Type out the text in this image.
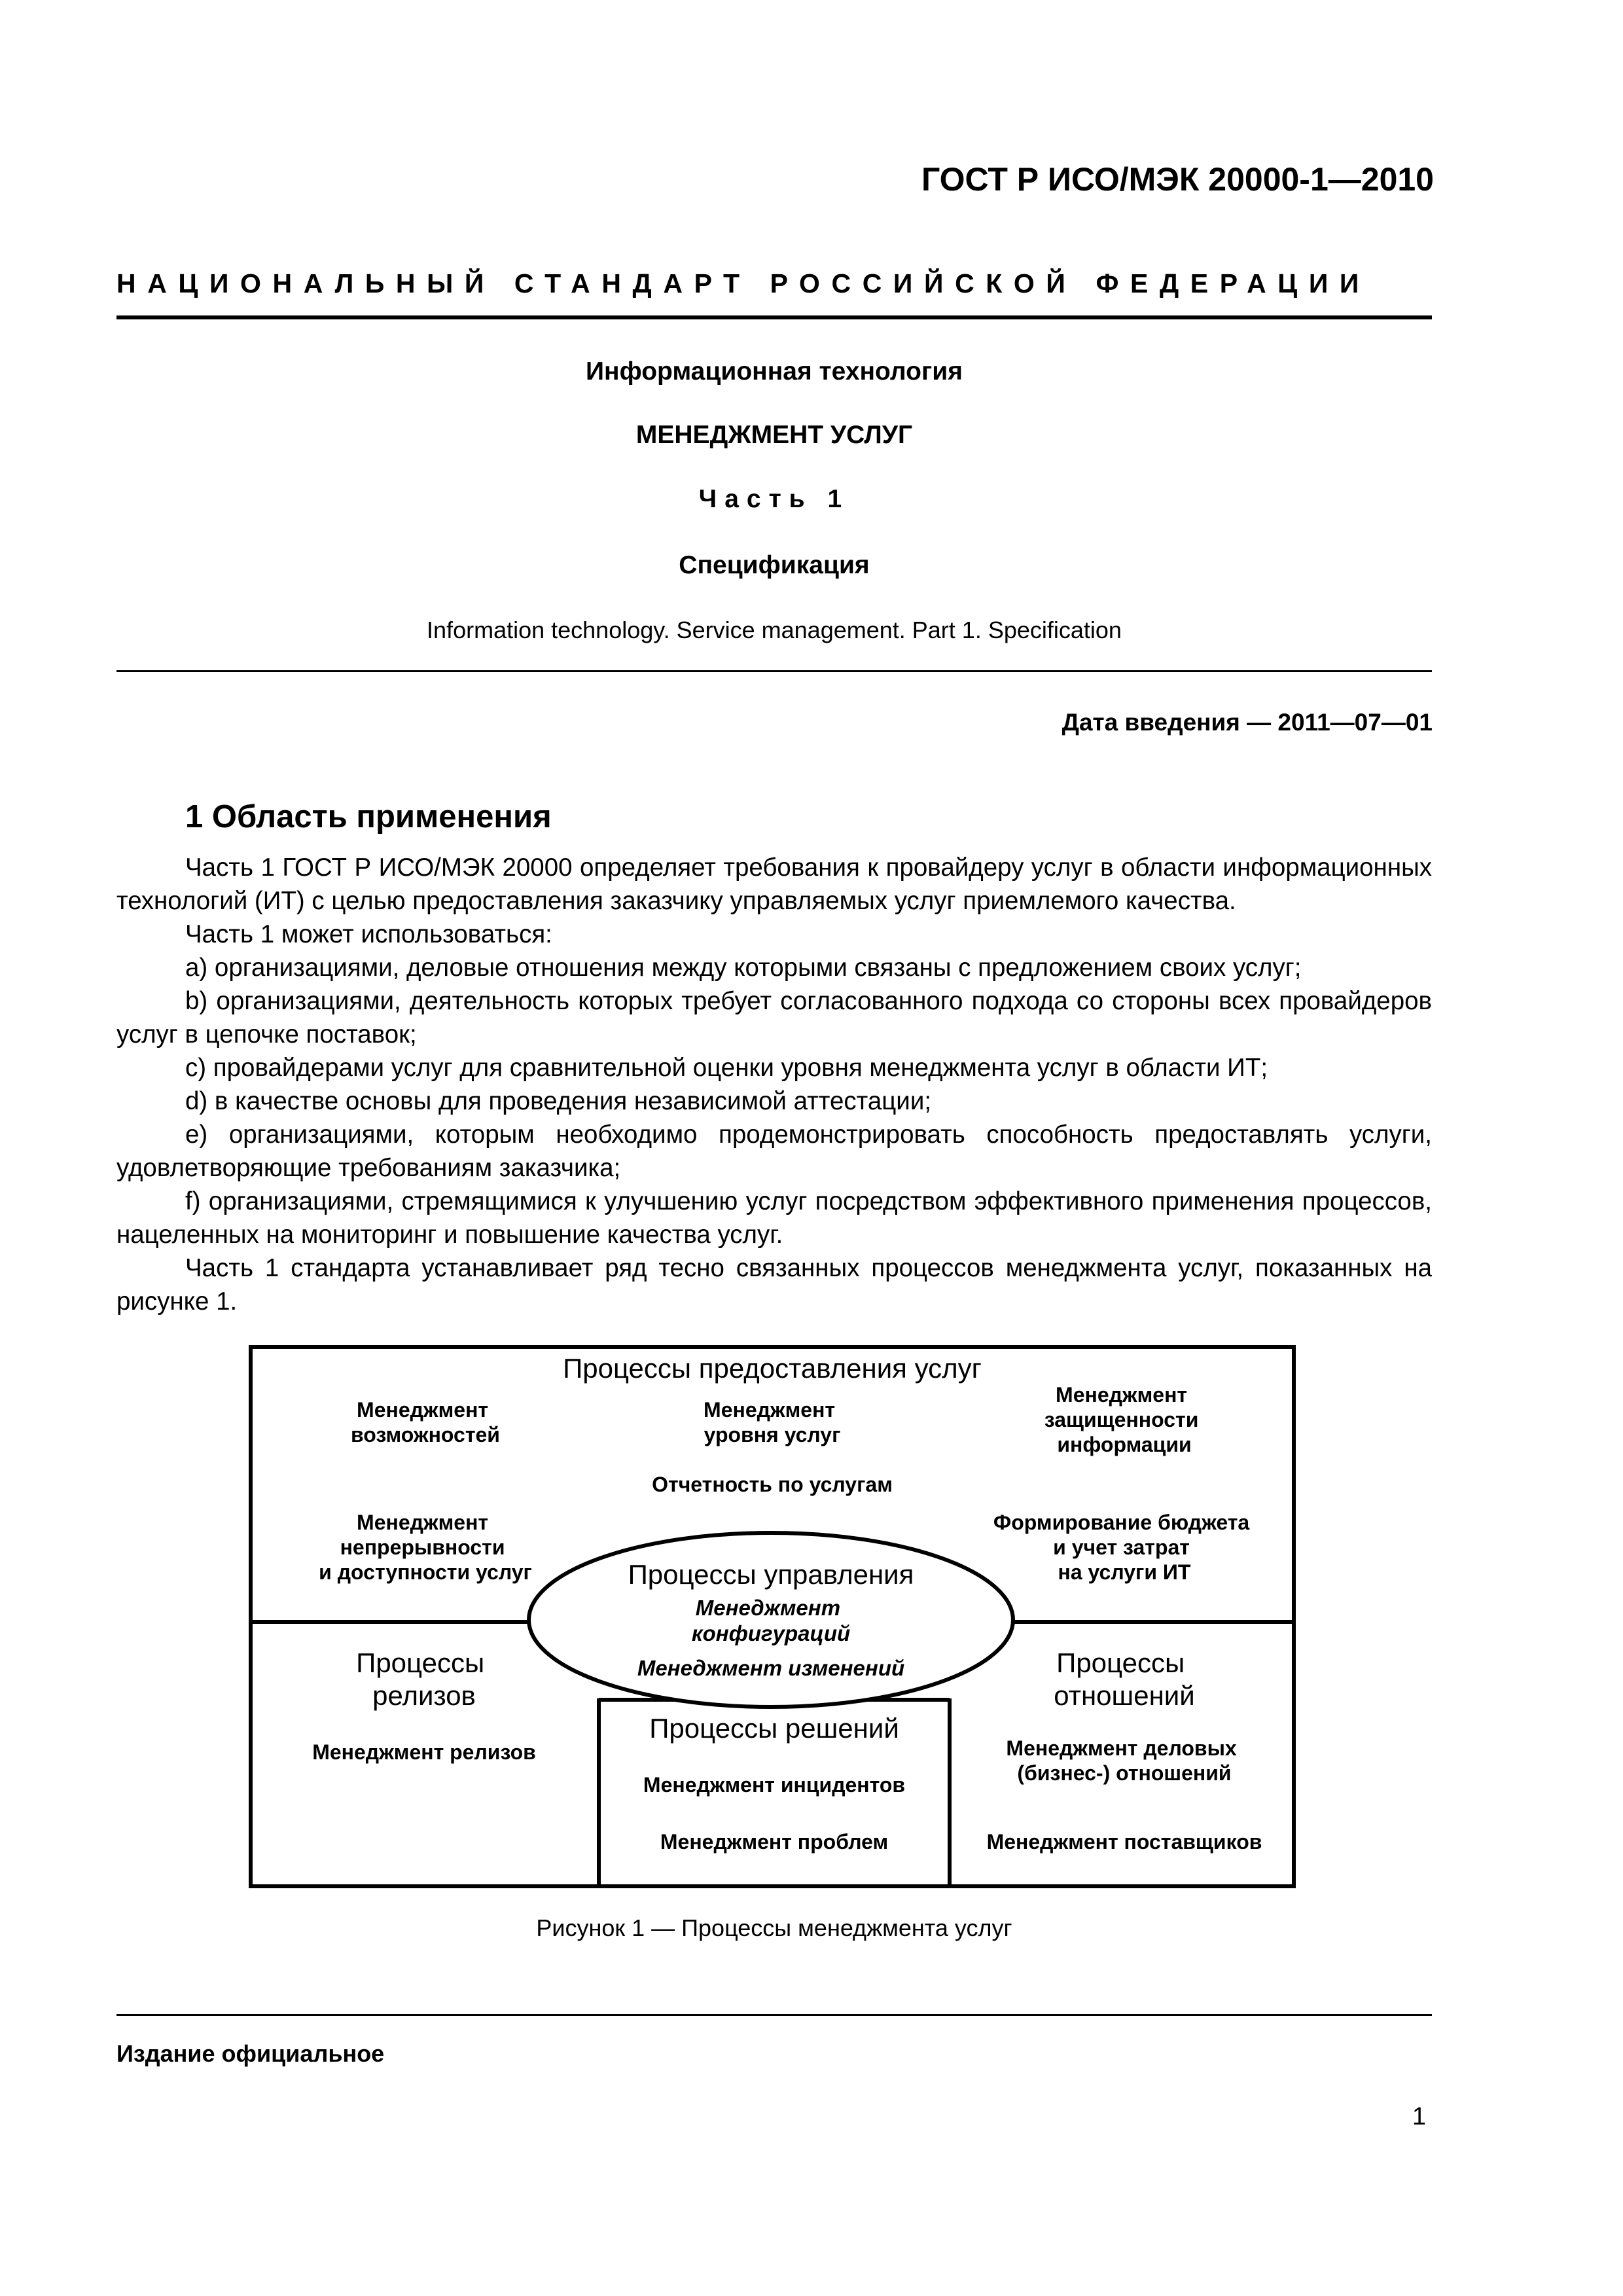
ГОСТ Р ИСО/МЭК 20000-1—2010
НАЦИОНАЛЬНЫЙ СТАНДАРТ РОССИЙСКОЙ ФЕДЕРАЦИИ
Информационная технология
МЕНЕДЖМЕНТ УСЛУГ
Часть 1
Спецификация
Information technology. Service management. Part 1. Specification
Дата введения — 2011—07—01
1 Область применения

Часть 1 ГОСТ Р ИСО/МЭК 20000 определяет требования к провайдеру услуг в области информационных технологий (ИТ) с целью предоставления заказчику управляемых услуг приемлемого качества.

Часть 1 может использоваться:

a) организациями, деловые отношения между которыми связаны с предложением своих услуг;

b) организациями, деятельность которых требует согласованного подхода со стороны всех провайдеров услуг в цепочке поставок;

c) провайдерами услуг для сравнительной оценки уровня менеджмента услуг в области ИТ;

d) в качестве основы для проведения независимой аттестации;

e) организациями, которым необходимо продемонстрировать способность предоставлять услуги, удовлетворяющие требованиям заказчика;

f) организациями, стремящимися к улучшению услуг посредством эффективного применения процессов, нацеленных на мониторинг и повышение качества услуг.

Часть 1 стандарта устанавливает ряд тесно связанных процессов менеджмента услуг, показанных на рисунке 1.

Процессы предоставления услуг
Менеджмент возможностей
Менеджмент уровня услуг
Менеджмент защищенности информации
Отчетность по услугам
Менеджмент непрерывности и доступности услуг
Формирование бюджета и учет затрат на услуги ИТ
Процессы управления
Менеджмент конфигураций
Менеджмент изменений
Процессы релизов
Менеджмент релизов
Процессы решений
Менеджмент инцидентов
Менеджмент проблем
Процессы отношений
Менеджмент деловых (бизнес-) отношений
Менеджмент поставщиков
Рисунок 1 — Процессы менеджмента услуг
Издание официальное
1
